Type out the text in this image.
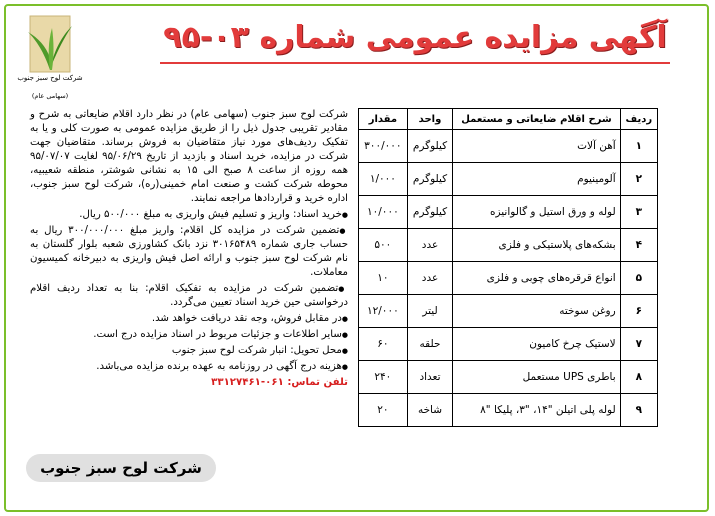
شرکت لوح سبز جنوب
(سهامی عام)
آگهی مزایده عمومی شماره ۰۳-۹۵

شرکت لوح سبز جنوب (سهامی عام) در نظر دارد اقلام ضایعاتی به شرح و مقادیر تقریبی جدول ذیل را از طریق مزایده عمومی به صورت کلی و یا به تفکیک ردیف‌های مورد نیاز متقاضیان به فروش برساند. متقاضیان جهت شرکت در مزایده، خرید اسناد و بازدید از تاریخ ۹۵/۰۶/۲۹ لغایت ۹۵/۰۷/۰۷ همه روزه از ساعت ۸ صبح الی ۱۵ به نشانی شوشتر، منطقه شعیبیه، محوطه شرکت کشت و صنعت امام خمینی(ره)، شرکت لوح سبز جنوب، اداره خرید و قراردادها مراجعه نمایند.

● خرید اسناد: واریز و تسلیم فیش واریزی به مبلغ ۵۰۰/۰۰۰ ریال.

● تضمین شرکت در مزایده کل اقلام: واریز مبلغ ۳۰۰/۰۰۰/۰۰۰ ریال به حساب جاری شماره ۳۰۱۶۵۴۸۹ نزد بانک کشاورزی شعبه بلوار گلستان به نام شرکت لوح سبز جنوب و ارائه اصل فیش واریزی به دبیرخانه کمیسیون معاملات.

● تضمین شرکت در مزایده به تفکیک اقلام: بنا به تعداد ردیف اقلام درخواستی حین خرید اسناد تعیین می‌گردد.

● در مقابل فروش، وجه نقد دریافت خواهد شد.

● سایر اطلاعات و جزئیات مربوط در اسناد مزایده درج است.

● محل تحویل: انبار شرکت لوح سبز جنوب

● هزینه درج آگهی در روزنامه به عهده برنده مزایده می‌باشد.

تلفن تماس: ۰۶۱-۳۳۱۲۷۴۶۱

شرکت لوح سبز جنوب
ردیف	شرح اقلام ضایعاتی و مستعمل	واحد	مقدار
۱	آهن آلات	کیلوگرم	۳۰۰/۰۰۰
۲	آلومینیوم	کیلوگرم	۱/۰۰۰
۳	لوله و ورق استیل و گالوانیزه	کیلوگرم	۱۰/۰۰۰
۴	بشکه‌های پلاستیکی و فلزی	عدد	۵۰۰
۵	انواع قرقره‌های چوبی و فلزی	عدد	۱۰
۶	روغن سوخته	لیتر	۱۲/۰۰۰
۷	لاستیک چرخ کامیون	حلقه	۶۰
۸	باطری UPS مستعمل	تعداد	۲۴۰
۹	لوله پلی اتیلن "۱۴، "۳، پلیکا "۸	شاخه	۲۰
